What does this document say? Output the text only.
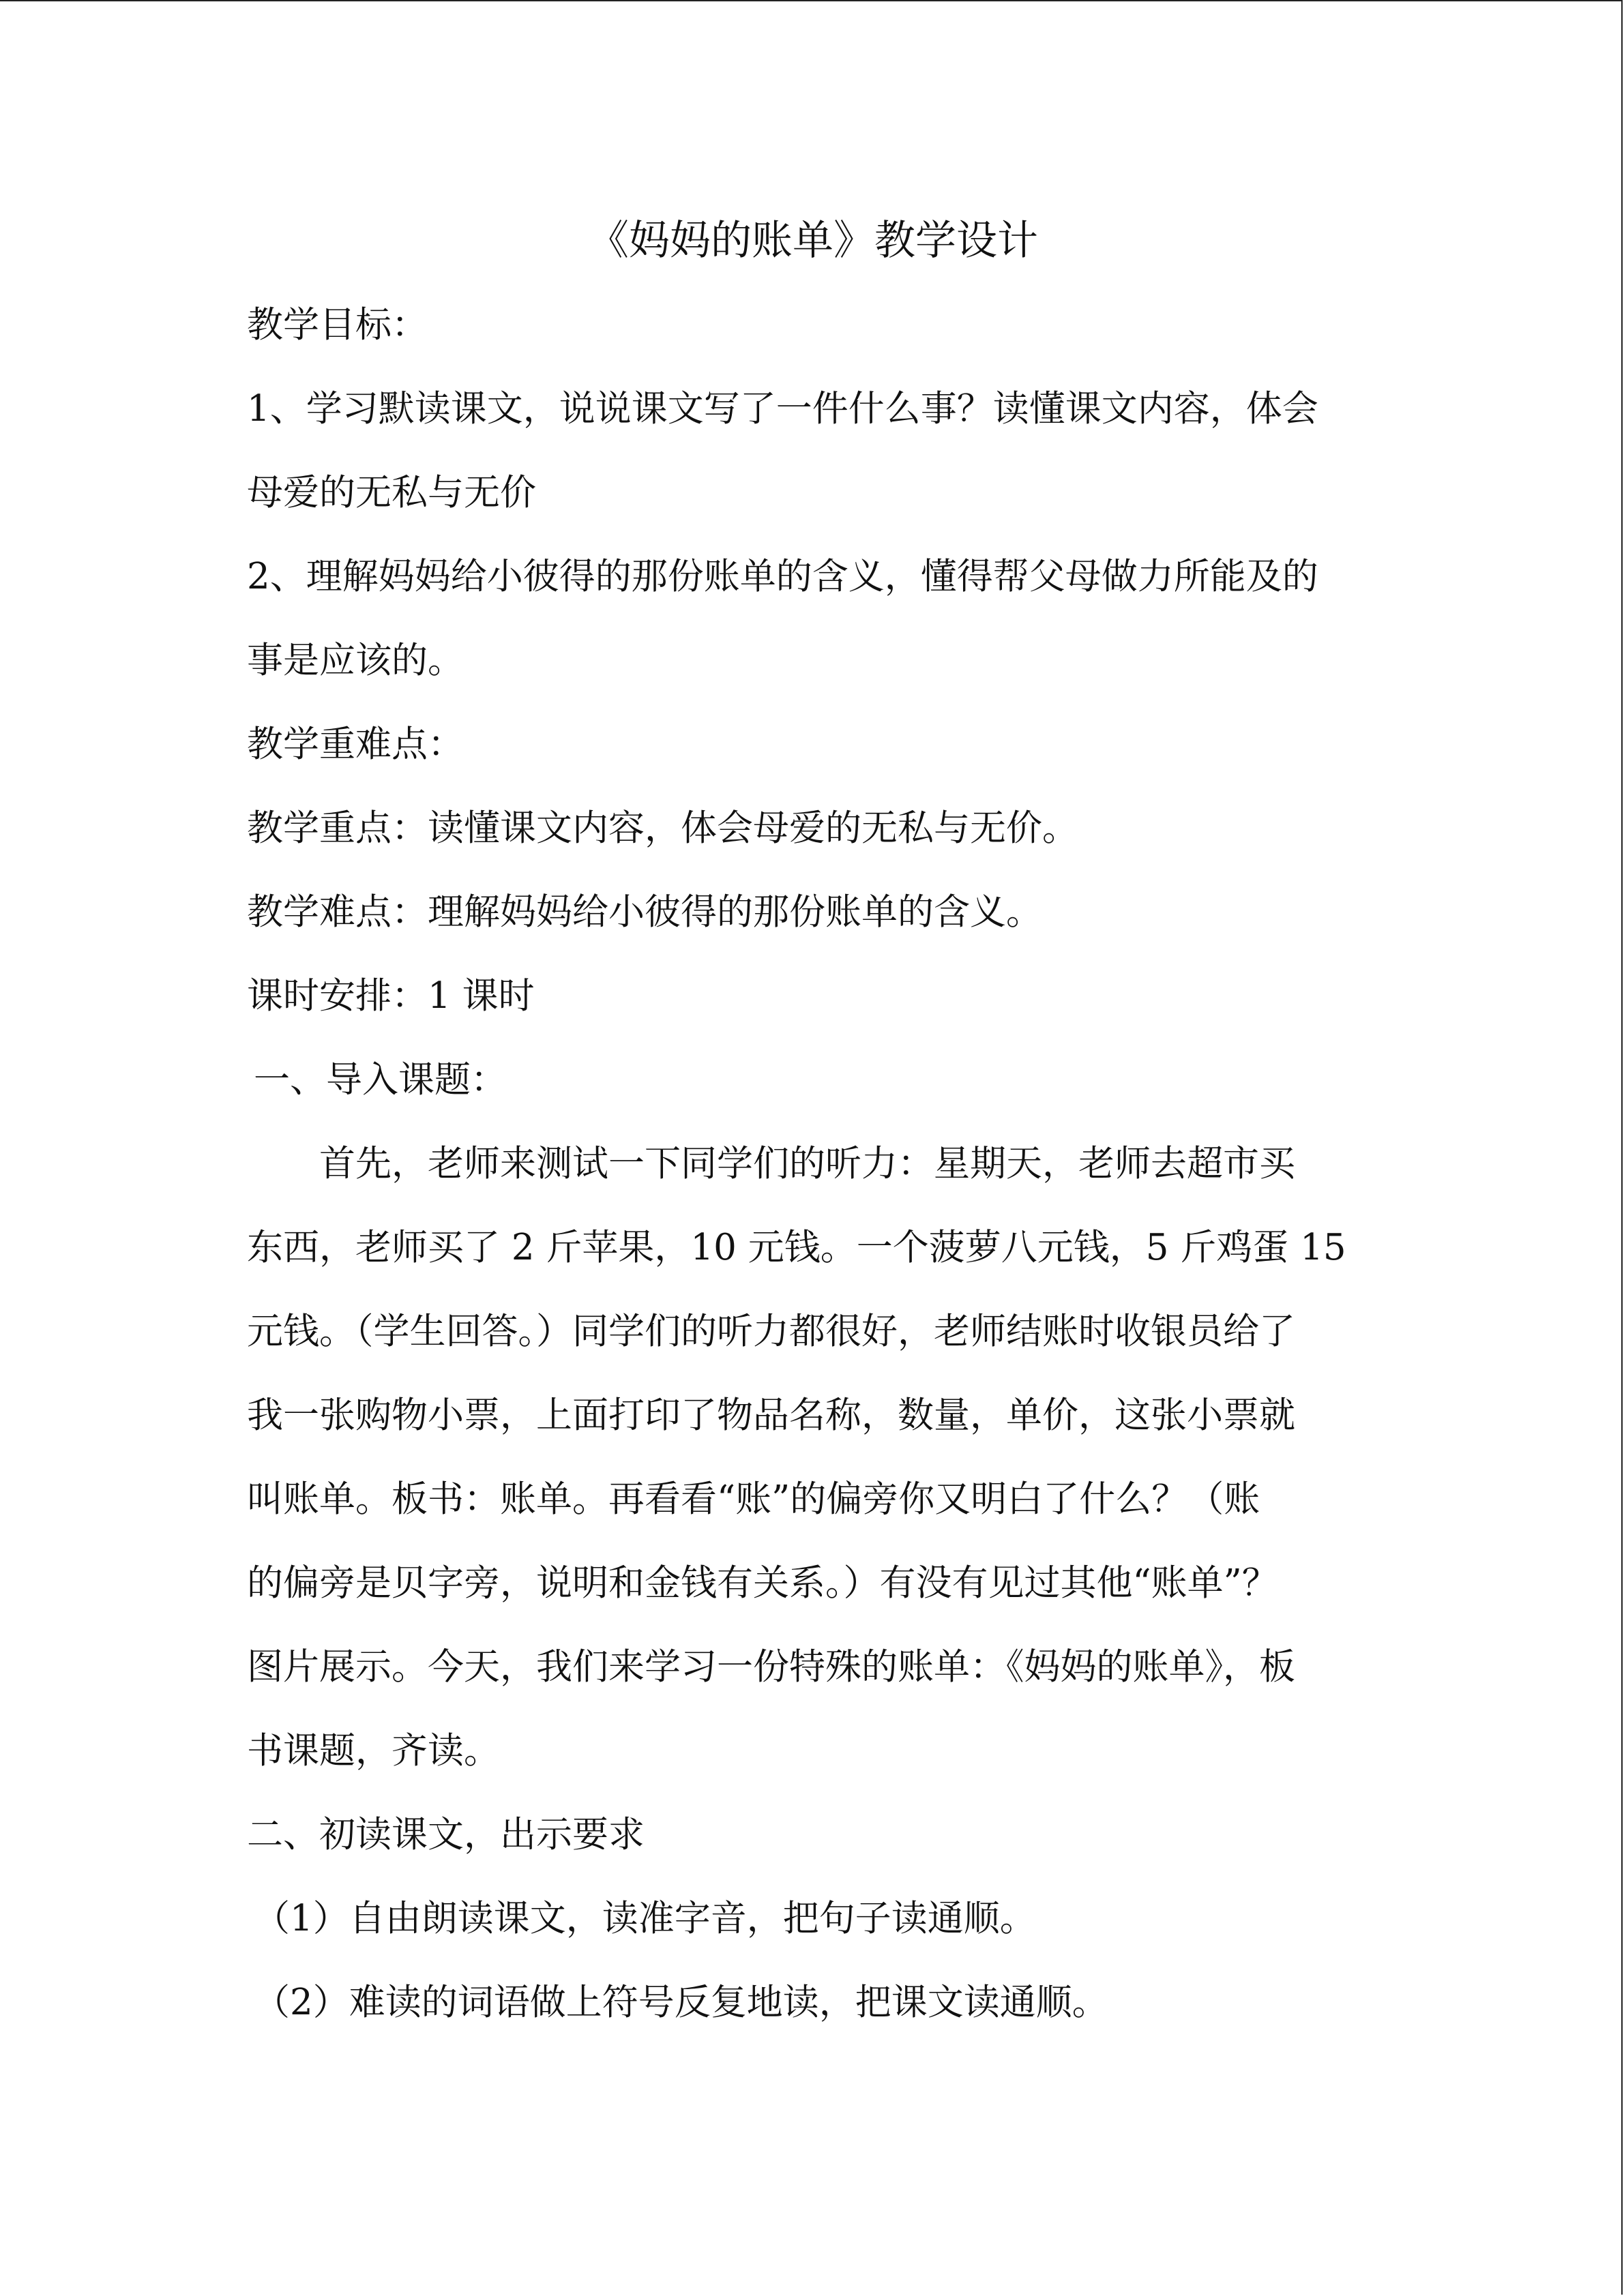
《妈妈的账单》教学设计

教学目标：

1、学习默读课文，说说课文写了一件什么事？读懂课文内容，体会

母爱的无私与无价

2、理解妈妈给小彼得的那份账单的含义，懂得帮父母做力所能及的

事是应该的。

教学重难点：

教学重点：读懂课文内容，体会母爱的无私与无价。

教学难点：理解妈妈给小彼得的那份账单的含义。

课时安排：1 课时

一、导入课题：

首先，老师来测试一下同学们的听力：星期天，老师去超市买

东西，老师买了 2 斤苹果，10 元钱。一个菠萝八元钱，5 斤鸡蛋 15

元钱。（学生回答。）同学们的听力都很好，老师结账时收银员给了

我一张购物小票，上面打印了物品名称，数量，单价，这张小票就

叫账单。板书：账单。再看看“账”的偏旁你又明白了什么？（账

的偏旁是贝字旁，说明和金钱有关系。）有没有见过其他“账单”？

图片展示。今天，我们来学习一份特殊的账单：《妈妈的账单》，板

书课题，齐读。

二、初读课文，出示要求

（1）自由朗读课文，读准字音，把句子读通顺。

（2）难读的词语做上符号反复地读，把课文读通顺。
